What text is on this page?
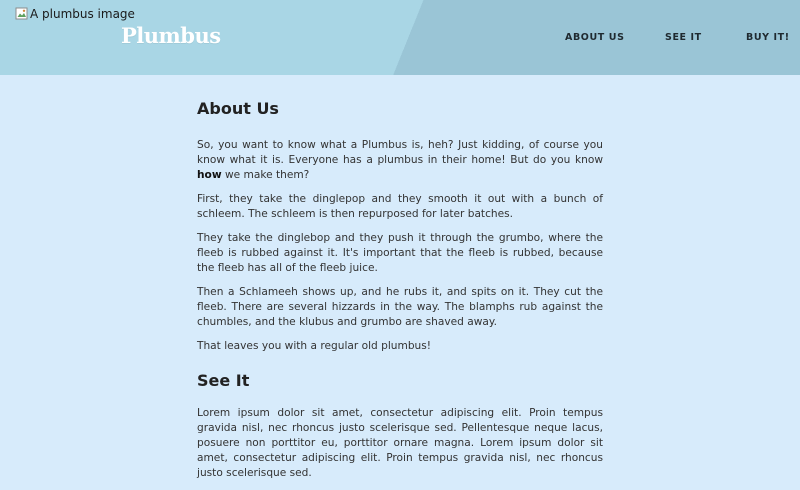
A plumbus image
Plumbus	ABOUT US	SEE IT	BUY IT!
About Us

So, you want to know what a Plumbus is, heh? Just kidding, of course you know what it is. Everyone has a plumbus in their home! But do you know how we make them?

First, they take the dinglepop and they smooth it out with a bunch of schleem. The schleem is then repurposed for later batches.

They take the dinglebop and they push it through the grumbo, where the fleeb is rubbed against it. It's important that the fleeb is rubbed, because the fleeb has all of the fleeb juice.

Then a Schlameeh shows up, and he rubs it, and spits on it. They cut the fleeb. There are several hizzards in the way. The blamphs rub against the chumbles, and the klubus and grumbo are shaved away.

That leaves you with a regular old plumbus!

See It

Lorem ipsum dolor sit amet, consectetur adipiscing elit. Proin tempus gravida nisl, nec rhoncus justo scelerisque sed. Pellentesque neque lacus, posuere non porttitor eu, porttitor ornare magna. Lorem ipsum dolor sit amet, consectetur adipiscing elit. Proin tempus gravida nisl, nec rhoncus justo scelerisque sed.
